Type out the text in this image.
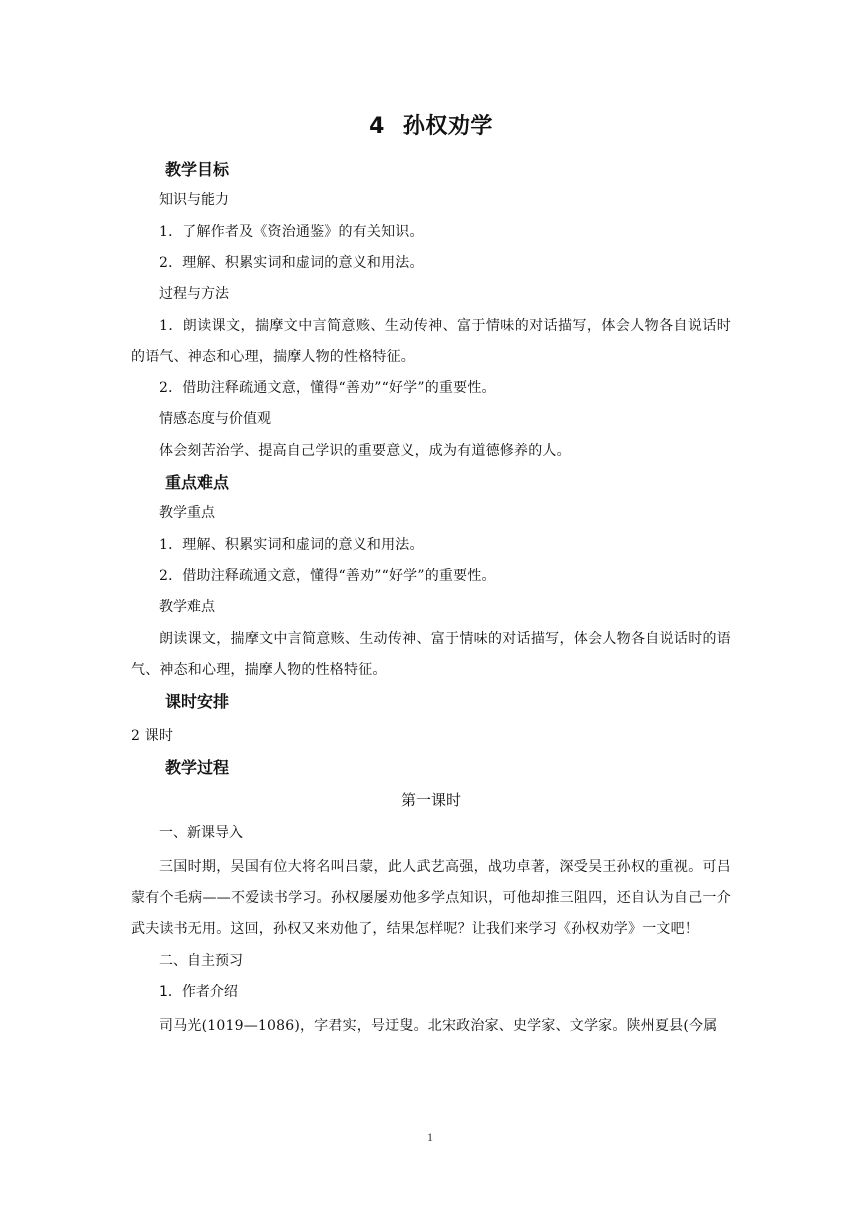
4 孙权劝学
教学目标
知识与能力

1．了解作者及《资治通鉴》的有关知识。

2．理解、积累实词和虚词的意义和用法。

过程与方法

1．朗读课文，揣摩文中言简意赅、生动传神、富于情味的对话描写，体会人物各自说话时的语气、神态和心理，揣摩人物的性格特征。

2．借助注释疏通文意，懂得“善劝”“好学”的重要性。

情感态度与价值观

体会刻苦治学、提高自己学识的重要意义，成为有道德修养的人。

重点难点
教学重点

1．理解、积累实词和虚词的意义和用法。

2．借助注释疏通文意，懂得“善劝”“好学”的重要性。

教学难点

朗读课文，揣摩文中言简意赅、生动传神、富于情味的对话描写，体会人物各自说话时的语气、神态和心理，揣摩人物的性格特征。

课时安排

2 课时

教学过程
第一课时
一、新课导入

三国时期，吴国有位大将名叫吕蒙，此人武艺高强，战功卓著，深受吴王孙权的重视。可吕蒙有个毛病——不爱读书学习。孙权屡屡劝他多学点知识，可他却推三阻四，还自认为自己一介武夫读书无用。这回，孙权又来劝他了，结果怎样呢？让我们来学习《孙权劝学》一文吧！

二、自主预习
1．作者介绍

司马光(1019—1086)，字君实，号迂叟。北宋政治家、史学家、文学家。陕州夏县(今属

1
